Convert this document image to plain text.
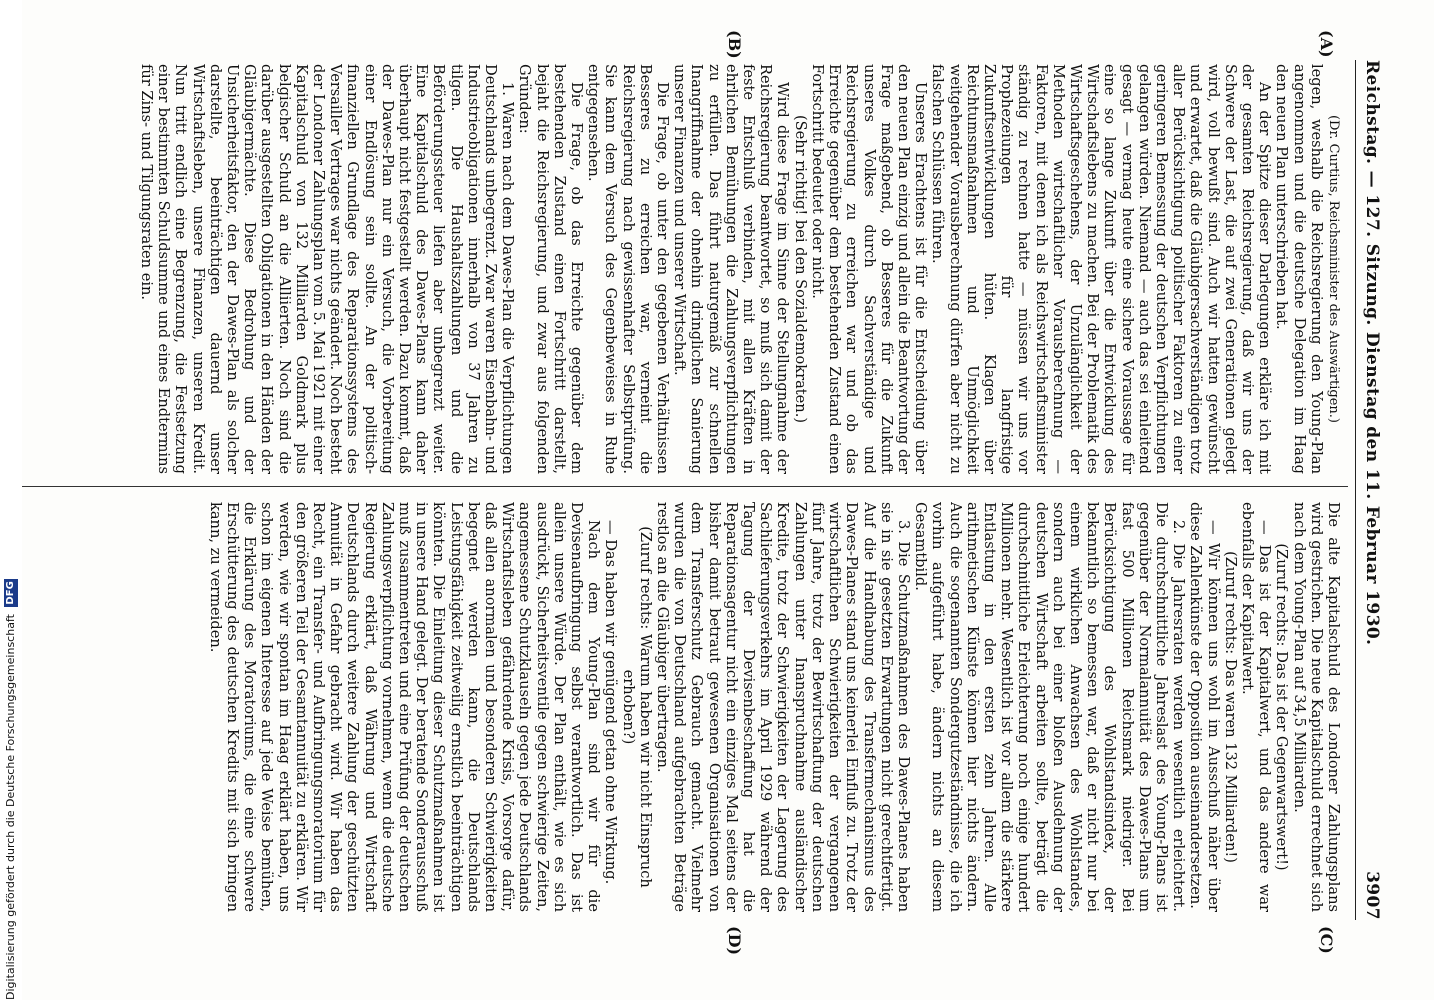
Reichstag. — 127. Sitzung. Dienstag den 11. Februar 1930.
3907
(A)
(B)
(C)
(D)

(Dr. Curtius, Reichsminister des Auswärtigen.)

legen, weshalb die Reichsregierung den Young-Plan angenommen und die deutsche Delegation im Haag den neuen Plan unterschrieben hat.

An der Spitze dieser Darlegungen erkläre ich mit der gesamten Reichsregierung, daß wir uns der Schwere der Last, die auf zwei Generationen gelegt wird, voll bewußt sind. Auch wir hatten gewünscht und erwartet, daß die Gläubigersachverständigen trotz aller Berücksichtigung politischer Faktoren zu einer geringeren Bemessung der deutschen Verpflichtungen gelangen würden. Niemand — auch das sei einleitend gesagt — vermag heute eine sichere Voraussage für eine so lange Zukunft über die Entwicklung des Wirtschaftslebens zu machen. Bei der Problematik des Wirtschaftsgeschehens, der Unzulänglichkeit der Methoden wirtschaftlicher Vorausberechnung — Faktoren, mit denen ich als Reichswirtschaftsminister ständig zu rechnen hatte — müssen wir uns vor Prophezeiungen für langfristige Zukunftsentwicklungen hüten. Klagen über Reichtumsmaßnahmen und Unmöglichkeit weitgehender Vorausberechnung dürfen aber nicht zu falschen Schlüssen führen.

Unseres Erachtens ist für die Entscheidung über den neuen Plan einzig und allein die Beantwortung der Frage maßgebend, ob Besseres für die Zukunft unseres Volkes durch Sachverständige und Reichsregierung zu erreichen war und ob das Erreichte gegenüber dem bestehenden Zustand einen Fortschritt bedeutet oder nicht.

(Sehr richtig! bei den Sozialdemokraten.)

Wird diese Frage im Sinne der Stellungnahme der Reichsregierung beantwortet, so muß sich damit der feste Entschluß verbinden, mit allen Kräften in ehrlichen Bemühungen die Zahlungsverpflichtungen zu erfüllen. Das führt naturgemäß zur schnellen Inangriffnahme der ohnehin dringlichen Sanierung unserer Finanzen und unserer Wirtschaft.

Die Frage, ob unter den gegebenen Verhältnissen Besseres zu erreichen war, verneint die Reichsregierung nach gewissenhafter Selbstprüfung. Sie kann dem Versuch des Gegenbeweises in Ruhe entgegensehen.

Die Frage, ob das Erreichte gegenüber dem bestehenden Zustand einen Fortschritt darstellt, bejaht die Reichsregierung, und zwar aus folgenden Gründen:

1. Waren nach dem Dawes-Plan die Verpflichtungen Deutschlands unbegrenzt. Zwar waren Eisenbahn- und Industrieobligationen innerhalb von 37 Jahren zu tilgen. Die Haushaltszahlungen und die Beförderungssteuer liefen aber unbegrenzt weiter. Eine Kapitalschuld des Dawes-Plans kann daher überhaupt nicht festgestellt werden. Dazu kommt, daß der Dawes-Plan nur ein Versuch, die Vorbereitung einer Endlösung sein sollte. An der politisch-finanziellen Grundlage des Reparationssystems des Versailler Vertrages war nichts geändert. Noch besteht der Londoner Zahlungsplan vom 5. Mai 1921 mit einer Kapitalschuld von 132 Milliarden Goldmark plus belgischer Schuld an die Alliierten. Noch sind die darüber ausgestellten Obligationen in den Händen der Gläubigermächte. Diese Bedrohung und der Unsicherheitsfaktor, den der Dawes-Plan als solcher darstellte, beeinträchtigen dauernd unser Wirtschaftsleben, unsere Finanzen, unseren Kredit. Nun tritt endlich eine Begrenzung, die Festsetzung einer bestimmten Schuldsumme und eines Endtermins für Zins- und Tilgungsraten ein.

Die alte Kapitalschuld des Londoner Zahlungsplans wird gestrichen. Die neue Kapitalschuld errechnet sich nach dem Young-Plan auf 34,5 Milliarden.

(Zuruf rechts: Das ist der Gegenwartswert!)

— Das ist der Kapitalwert, und das andere war ebenfalls der Kapitalwert.

(Zuruf rechts: Das waren 132 Milliarden!)

— Wir können uns wohl im Ausschuß näher über diese Zahlenkünste der Opposition auseinandersetzen.

2. Die Jahresraten werden wesentlich erleichtert. Die durchschnittliche Jahreslast des Young-Plans ist gegenüber der Normalannuität des Dawes-Plans um fast 500 Millionen Reichsmark niedriger. Bei Berücksichtigung des Wohlstandsindex, der bekanntlich so bemessen war, daß er nicht nur bei einem wirklichen Anwachsen des Wohlstandes, sondern auch bei einer bloßen Ausdehnung der deutschen Wirtschaft arbeiten sollte, beträgt die durchschnittliche Erleichterung noch einige hundert Millionen mehr. Wesentlich ist vor allem die stärkere Entlastung in den ersten zehn Jahren. Alle arithmetischen Künste können hier nichts ändern. Auch die sogenannten Sondergutzeständnisse, die ich vorhin aufgeführt habe, ändern nichts an diesem Gesamtbild.

3. Die Schutzmaßnahmen des Dawes-Planes haben sie in sie gesetzten Erwartungen nicht gerechtfertigt. Auf die Handhabung des Transfermechanismus des Dawes-Planes stand uns keinerlei Einfluß zu. Trotz der wirtschaftlichen Schwierigkeiten der vergangenen fünf Jahre, trotz der Bewirtschaftung der deutschen Zahlungen unter Inanspruchnahme ausländischer Kredite, trotz der Schwierigkeiten der Lagerung des Sachlieferungsverkehrs im April 1929 während der Tagung der Devisenbeschaffung hat die Reparationsagentur nicht ein einziges Mal seitens der bisher damit betraut gewesenen Organisationen von dem Transferschutz Gebrauch gemacht. Vielmehr wurden die von Deutschland aufgebrachten Beträge restlos an die Gläubiger übertragen.

(Zuruf rechts: Warum haben wir nicht Einspruch erhoben?)

— Das haben wir genügend getan ohne Wirkung.

Nach dem Young-Plan sind wir für die Devisenaufbringung selbst verantwortlich. Das ist allein unsere Würde. Der Plan enthält, wie es sich ausdrückt, Sicherheitsventile gegen schwierige Zeiten, angemessene Schutzklauseln gegen jede Deutschlands Wirtschaftsleben gefährdende Krisis, Vorsorge dafür, daß allen anormalen und besonderen Schwierigkeiten begegnet werden kann, die Deutschlands Leistungsfähigkeit zeitweilig ernstlich beeinträchtigen könnten. Die Einleitung dieser Schutzmaßnahmen ist in unsere Hand gelegt. Der beratende Sonderausschuß muß zusammentreten und eine Prüfung der deutschen Zahlungsverpflichtung vornehmen, wenn die deutsche Regierung erklärt, daß Währung und Wirtschaft Deutschlands durch weitere Zahlung der geschützten Annuität in Gefahr gebracht wird. Wir haben das Recht, ein Transfer- und Aufbringungsmoratorium für den größeren Teil der Gesamtannuität zu erklären. Wir werden, wie wir spontan im Haag erklärt haben, uns schon im eigenen Interesse auf jede Weise bemühen, die Erklärung des Moratoriums, die eine schwere Erschütterung des deutschen Kredits mit sich bringen kann, zu vermeiden.

Digitalisierung gefördert durch die Deutsche Forschungsgemeinschaft DFG
